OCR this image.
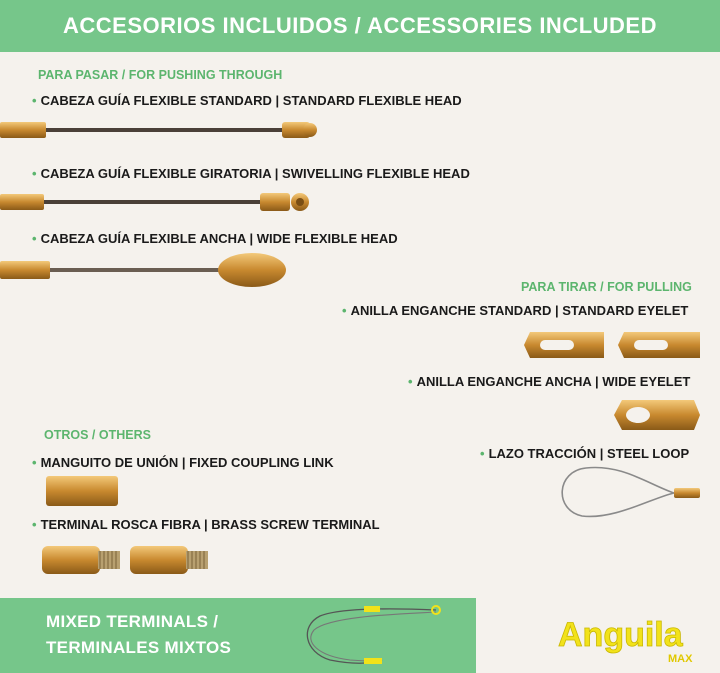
ACCESORIOS INCLUIDOS / ACCESSORIES INCLUDED
PARA PASAR / FOR PUSHING THROUGH
• CABEZA GUÍA FLEXIBLE STANDARD | STANDARD FLEXIBLE HEAD
• CABEZA GUÍA FLEXIBLE GIRATORIA | SWIVELLING FLEXIBLE HEAD
• CABEZA GUÍA FLEXIBLE ANCHA | WIDE FLEXIBLE HEAD
PARA TIRAR / FOR PULLING
• ANILLA ENGANCHE STANDARD | STANDARD EYELET
• ANILLA ENGANCHE ANCHA | WIDE EYELET
• LAZO TRACCIÓN | STEEL LOOP
OTROS / OTHERS
• MANGUITO DE UNIÓN | FIXED COUPLING LINK
• TERMINAL ROSCA FIBRA | BRASS SCREW TERMINAL
MIXED TERMINALS /
TERMINALES MIXTOS	Anguila
MAX
